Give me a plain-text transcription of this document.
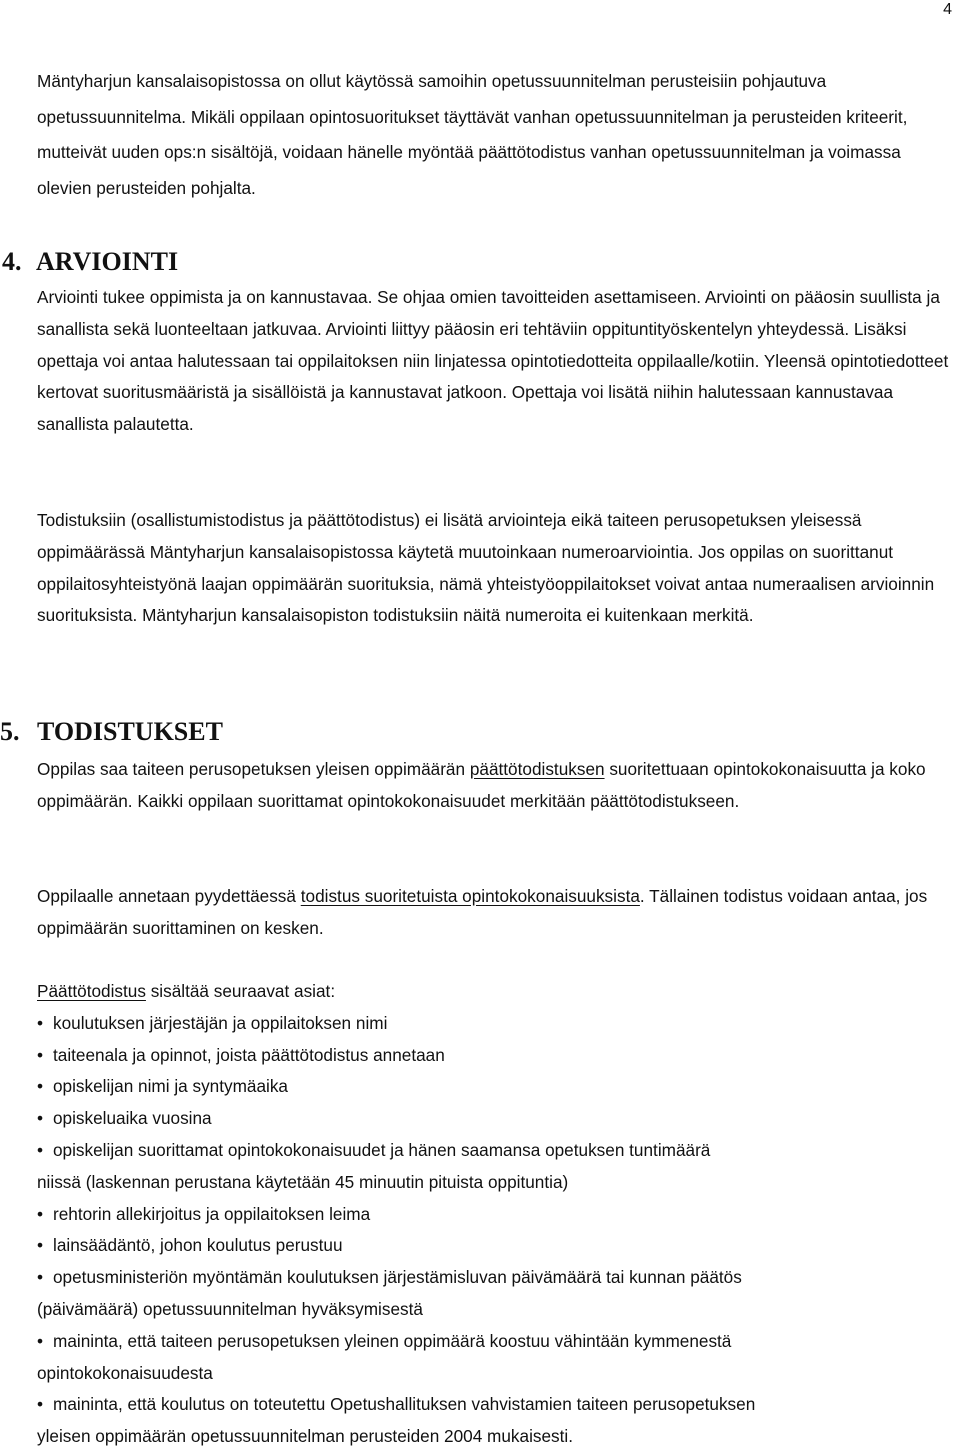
4

Mäntyharjun kansalaisopistossa on ollut käytössä samoihin opetussuunnitelman perusteisiin pohjautuva opetussuunnitelma. Mikäli oppilaan opintosuoritukset täyttävät vanhan opetussuunnitelman ja perusteiden kriteerit, mutteivät uuden ops:n sisältöjä, voidaan hänelle myöntää päättötodistus vanhan opetussuunnitelman ja voimassa olevien perusteiden pohjalta.

4. ARVIOINTI

Arviointi tukee oppimista ja on kannustavaa. Se ohjaa omien tavoitteiden asettamiseen. Arviointi on pääosin suullista ja sanallista sekä luonteeltaan jatkuvaa. Arviointi liittyy pääosin eri tehtäviin oppituntityöskentelyn yhteydessä. Lisäksi opettaja voi antaa halutessaan tai oppilaitoksen niin linjatessa opintotiedotteita oppilaalle/kotiin. Yleensä opintotiedotteet kertovat suoritusmääristä ja sisällöistä ja kannustavat jatkoon. Opettaja voi lisätä niihin halutessaan kannustavaa sanallista palautetta.

Todistuksiin (osallistumistodistus ja päättötodistus) ei lisätä arviointeja eikä taiteen perusopetuksen yleisessä oppimäärässä Mäntyharjun kansalaisopistossa käytetä muutoinkaan numeroarviointia. Jos oppilas on suorittanut oppilaitosyhteistyönä laajan oppimäärän suorituksia, nämä yhteistyöoppilaitokset voivat antaa numeraalisen arvioinnin suorituksista. Mäntyharjun kansalaisopiston todistuksiin näitä numeroita ei kuitenkaan merkitä.

5. TODISTUKSET

Oppilas saa taiteen perusopetuksen yleisen oppimäärän päättötodistuksen suoritettuaan opintokokonaisuutta ja koko oppimäärän. Kaikki oppilaan suorittamat opintokokonaisuudet merkitään päättötodistukseen.

Oppilaalle annetaan pyydettäessä todistus suoritetuista opintokokonaisuuksista. Tällainen todistus voidaan antaa, jos oppimäärän suorittaminen on kesken.

Päättötodistus sisältää seuraavat asiat:

• koulutuksen järjestäjän ja oppilaitoksen nimi
• taiteenala ja opinnot, joista päättötodistus annetaan
• opiskelijan nimi ja syntymäaika
• opiskeluaika vuosina
• opiskelijan suorittamat opintokokonaisuudet ja hänen saamansa opetuksen tuntimäärä
niissä (laskennan perustana käytetään 45 minuutin pituista oppituntia)
• rehtorin allekirjoitus ja oppilaitoksen leima
• lainsäädäntö, johon koulutus perustuu
• opetusministeriön myöntämän koulutuksen järjestämisluvan päivämäärä tai kunnan päätös
(päivämäärä) opetussuunnitelman hyväksymisestä
• maininta, että taiteen perusopetuksen yleinen oppimäärä koostuu vähintään kymmenestä
opintokokonaisuudesta
• maininta, että koulutus on toteutettu Opetushallituksen vahvistamien taiteen perusopetuksen
yleisen oppimäärän opetussuunnitelman perusteiden 2004 mukaisesti.
